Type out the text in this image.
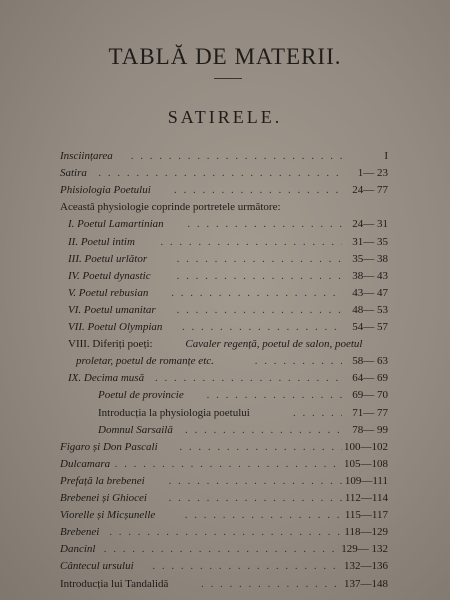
TABLĂ DE MATERII.
SATIRELE.
Insciințarea	I
. . .
Satira	1— 23
. . .
Phisiologia Poetului	24— 77
. . .
Aceastâ physiologie coprinde portretele următore:
I. Poetul Lamartinian	24— 31
. . .
II. Poetul intim	31— 35
. . .
III. Poetul urlător	35— 38
. . .
IV. Poetul dynastic	38— 43
. . .
V. Poetul rebusian	43— 47
. . .
VI. Poetul umanitar	48— 53
. . .
VII. Poetul Olympian	54— 57
. . .
VIII. Diferiți poeți:	Cavaler regență, poetul de salon, poetul
proletar, poetul de romanțe etc.	58— 63
. . .
IX. Decima musă	64— 69
. . .
Poetul de provincie	69— 70
. . .
Introducția la physiologia poetului	71— 77
. . .
Domnul Sarsailă	78— 99
. . .
Figaro și Don Pascali	100—102
. . .
Dulcamara	105—108
. . .
Prefață la brebenei	109—111
. . .
Brebenei și Ghiocei	112—114
. . .
Viorelle și Micșunelle	115—117
. . .
Brebenei	118—129
. . .
Dancinl	129— 132
. . .
Cântecul ursului	132—136
. . .
Introducția lui Tandalidă	137—148
. . .
